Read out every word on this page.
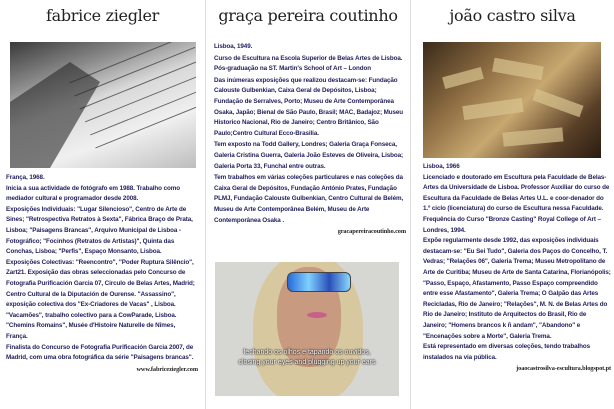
fabrice ziegler

França, 1968.

Inicia a sua actividade de fotógrafo em 1988. Trabalho como mediador cultural e programador desde 2008.

Exposições Individuais: "Lugar Silencioso", Centro de Arte de Sines; "Retrospectiva Retratos à Sexta", Fábrica Braço de Prata, Lisboa; "Paisagens Brancas", Arquivo Municipal de Lisboa - Fotográfico; "Focinhos (Retratos de Artistas)", Quinta das Conchas, Lisboa; "Perfis", Espaço Monsanto, Lisboa.

Exposições Colectivas: "Reencontro", "Poder Ruptura Silêncio", Zart21. Exposição das obras seleccionadas pelo Concurso de Fotografia Purificación Garcia 07, Circulo de Belas Artes, Madrid; Centro Cultural de la Diputación de Ourense. "Assassino", exposição colectiva dos "Ex-Criadores de Vacas" , Lisboa. "Vacamões", trabalho colectivo para a CowParade, Lisboa. "Chemins Romains", Musée d'Histoire Naturelle de Nîmes, França.

Finalista do Concurso de Fotografia Purificación Garcia 2007, de Madrid, com uma obra fotográfica da série "Paisagens brancas".

www.fabriceziegler.com

graça pereira coutinho

Lisboa, 1949.

Curso de Escultura na Escola Superior de Belas Artes de Lisboa. Pós-graduação na ST. Martin's School of Art – London

Das inúmeras exposições que realizou destacam-se: Fundação Calouste Gulbenkian, Caixa Geral de Depósitos, Lisboa; Fundação de Serralves, Porto; Museu de Arte Contemporânea Osaka, Japão; Bienal de São Paulo, Brasil; MAC, Badajoz; Museu Historico Nacional, Rio de Janeiro; Centro Britânico, São Paulo;Centro Cultural Ecco-Brasilia.

Tem exposto na Todd Gallery, Londres; Galeria Graça Fonseca, Galeria Cristina Guerra, Galeria João Esteves de Oliveira, Lisboa; Galeria Porta 33, Funchal entre outras.

Tem trabalhos em várias coleções particulares e nas coleções da Caixa Geral de Depósitos, Fundação António Prates, Fundação PLMJ, Fundação Calouste Gulbenkian, Centro Cultural de Belém, Museu de Arte Contemporânea Belém, Museu de Arte Contemporânea Osaka .

gracapereiracoutinho.com

fechando os olhos e tapando os ouvidos,
closing your eyes and plugging up your ears
joão castro silva

Lisboa, 1966

Licenciado e doutorado em Escultura pela Faculdade de Belas-Artes da Universidade de Lisboa. Professor Auxiliar do curso de Escultura da Faculdade de Belas Artes U.L. e coor-denador do 1.º ciclo (licenciatura) do curso de Escultura nessa Faculdade. Frequência do Curso "Bronze Casting" Royal College of Art – Londres, 1994.

Expõe regularmente desde 1992, das exposições individuais destacam-se: "Eu Sei Tudo", Galeria dos Paços do Concelho, T. Vedras; "Relações 06", Galeria Trema; Museu Metropolitano de Arte de Curitiba; Museu de Arte de Santa Catarina, Florianópolis; "Passo, Espaço, Afastamento, Passo Espaço compreendido entre esse Afastamento", Galeria Trema; O Galpão das Artes Recicladas, Rio de Janeiro; "Relações", M. N. de Belas Artes do Rio de Janeiro; Instituto de Arquitectos do Brasil, Rio de Janeiro; "Homens brancos k ñ andam", "Abandono" e "Encenações sobre a Morte", Galeria Trema.

Está representado em diversas coleções, tendo trabalhos instalados na via pública.

joaocastrosilva-escultura.blogspot.pt
